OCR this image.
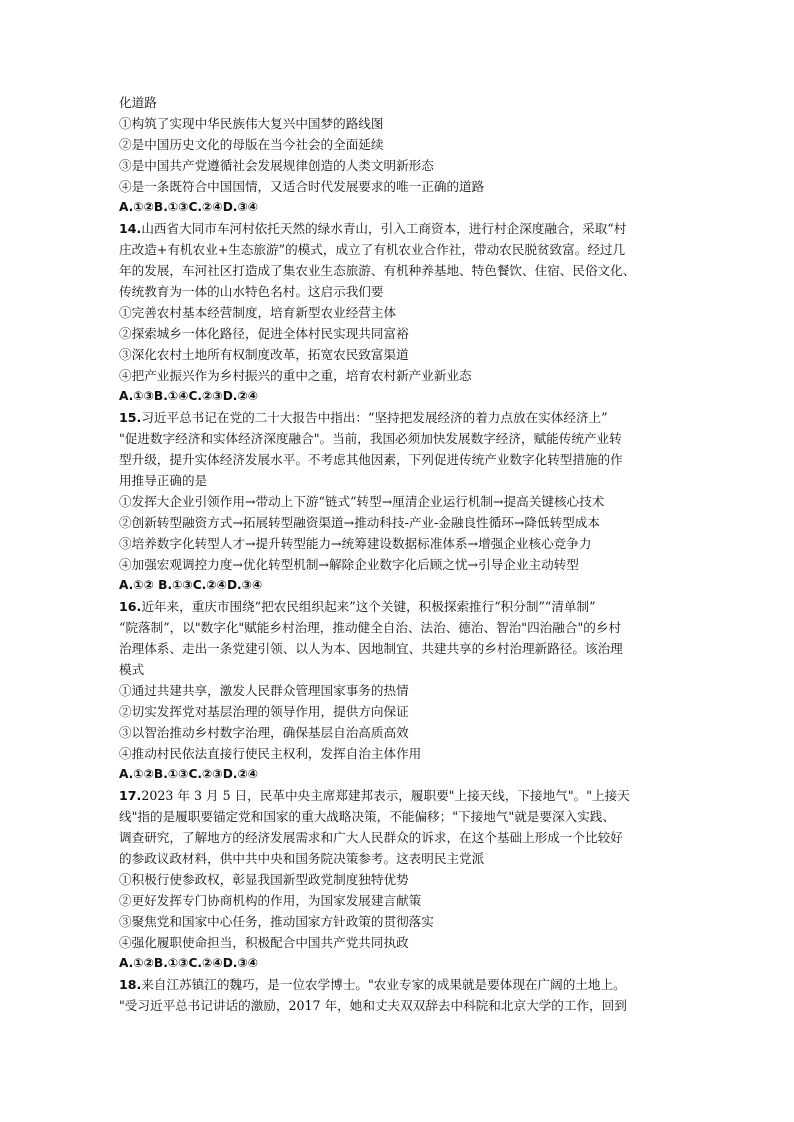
化道路
①构筑了实现中华民族伟大复兴中国梦的路线图
②是中国历史文化的母版在当今社会的全面延续
③是中国共产党遵循社会发展规律创造的人类文明新形态
④是一条既符合中国国情，又适合时代发展要求的唯一正确的道路
A.①②B.①③C.②④D.③④
14.山西省大同市车河村依托天然的绿水青山，引入工商资本，进行村企深度融合，采取“村
庄改造+有机农业+生态旅游”的模式，成立了有机农业合作社，带动农民脱贫致富。经过几
年的发展，车河社区打造成了集农业生态旅游、有机种养基地、特色餐饮、住宿、民俗文化、
传统教育为一体的山水特色名村。这启示我们要
①完善农村基本经营制度，培育新型农业经营主体
②探索城乡一体化路径，促进全体村民实现共同富裕
③深化农村土地所有权制度改革，拓宽农民致富渠道
④把产业振兴作为乡村振兴的重中之重，培育农村新产业新业态
A.①③B.①④C.②③D.②④
15.习近平总书记在党的二十大报告中指出：“坚持把发展经济的着力点放在实体经济上”
"促进数字经济和实体经济深度融合"。当前，我国必须加快发展数字经济，赋能传统产业转
型升级，提升实体经济发展水平。不考虑其他因素，下列促进传统产业数字化转型措施的作
用推导正确的是
①发挥大企业引领作用→带动上下游“链式”转型→厘清企业运行机制→提高关键核心技术
②创新转型融资方式→拓展转型融资渠道→推动科技-产业-金融良性循环→降低转型成本
③培养数字化转型人才→提升转型能力→统筹建设数据标准体系→增强企业核心竞争力
④加强宏观调控力度→优化转型机制→解除企业数字化后顾之忧→引导企业主动转型
A.①② B.①③C.②④D.③④
16.近年来，重庆市围绕“把农民组织起来”这个关键，积极探索推行“积分制”“清单制”
“院落制”，以"数字化"赋能乡村治理，推动健全自治、法治、德治、智治"四治融合"的乡村
治理体系、走出一条党建引领、以人为本、因地制宜、共建共享的乡村治理新路径。该治理
模式
①通过共建共享，激发人民群众管理国家事务的热情
②切实发挥党对基层治理的领导作用，提供方向保证
③以智治推动乡村数字治理，确保基层自治高质高效
④推动村民依法直接行使民主权利，发挥自治主体作用
A.①②B.①③C.②③D.②④
17.2023 年 3 月 5 日，民革中央主席郑建邦表示，履职要"上接天线，下接地气"。"上接天
线"指的是履职要锚定党和国家的重大战略决策，不能偏移；"下接地气"就是要深入实践、
调查研究，了解地方的经济发展需求和广大人民群众的诉求，在这个基础上形成一个比较好
的参政议政材料，供中共中央和国务院决策参考。这表明民主党派
①积极行使参政权，彰显我国新型政党制度独特优势
②更好发挥专门协商机构的作用，为国家发展建言献策
③聚焦党和国家中心任务，推动国家方针政策的贯彻落实
④强化履职使命担当，积极配合中国共产党共同执政
A.①②B.①③C.②④D.③④
18.来自江苏镇江的魏巧，是一位农学博士。"农业专家的成果就是要体现在广阔的土地上。
"受习近平总书记讲话的激励，2017 年，她和丈夫双双辞去中科院和北京大学的工作，回到
